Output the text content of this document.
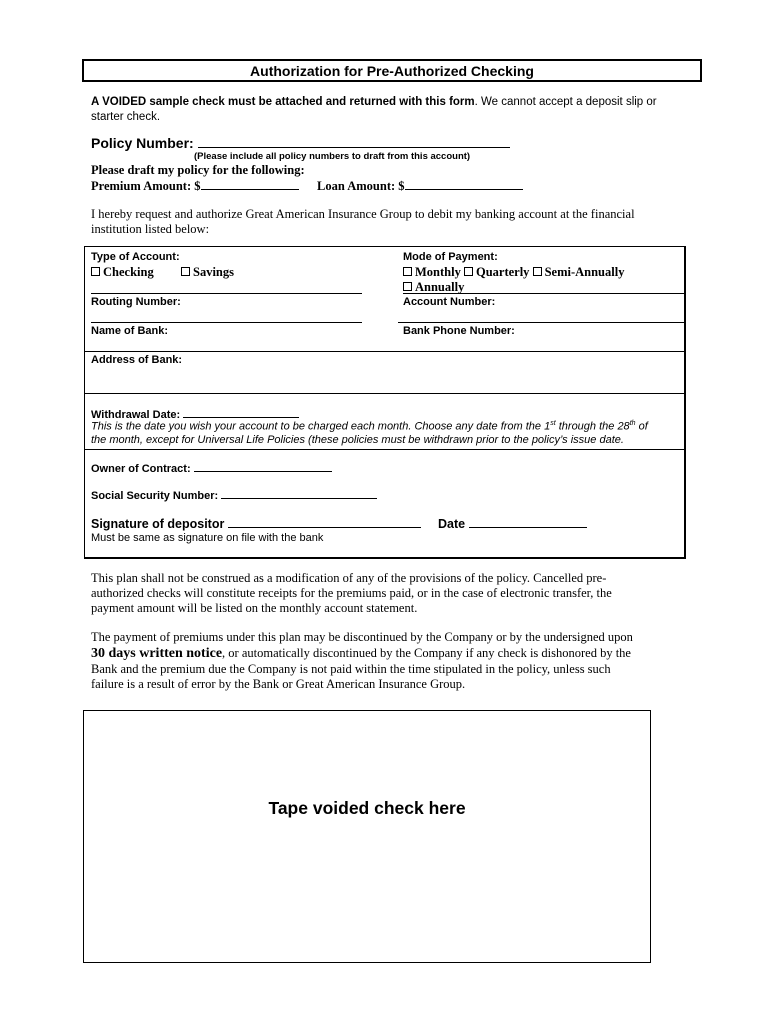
Authorization for Pre-Authorized Checking
A VOIDED sample check must be attached and returned with this form. We cannot accept a deposit slip or
starter check.
Policy Number:
(Please include all policy numbers to draft from this account)
Please draft my policy for the following:
Premium Amount: $	Loan Amount: $
I hereby request and authorize Great American Insurance Group to debit my banking account at the financial
institution listed below:
Type of Account:
Checking	Savings
Mode of Payment:
Monthly Quarterly Semi-Annually
Annually
Routing Number:	Account Number:
Name of Bank:	Bank Phone Number:
Address of Bank:
Withdrawal Date:
This is the date you wish your account to be charged each month. Choose any date from the 1st through the 28th of
the month, except for Universal Life Policies (these policies must be withdrawn prior to the policy’s issue date.
Owner of Contract:
Social Security Number:
Signature of depositor	Date
Must be same as signature on file with the bank
This plan shall not be construed as a modification of any of the provisions of the policy. Cancelled pre-
authorized checks will constitute receipts for the premiums paid, or in the case of electronic transfer, the
payment amount will be listed on the monthly account statement.
The payment of premiums under this plan may be discontinued by the Company or by the undersigned upon
30 days written notice, or automatically discontinued by the Company if any check is dishonored by the
Bank and the premium due the Company is not paid within the time stipulated in the policy, unless such
failure is a result of error by the Bank or Great American Insurance Group.
Tape voided check here
